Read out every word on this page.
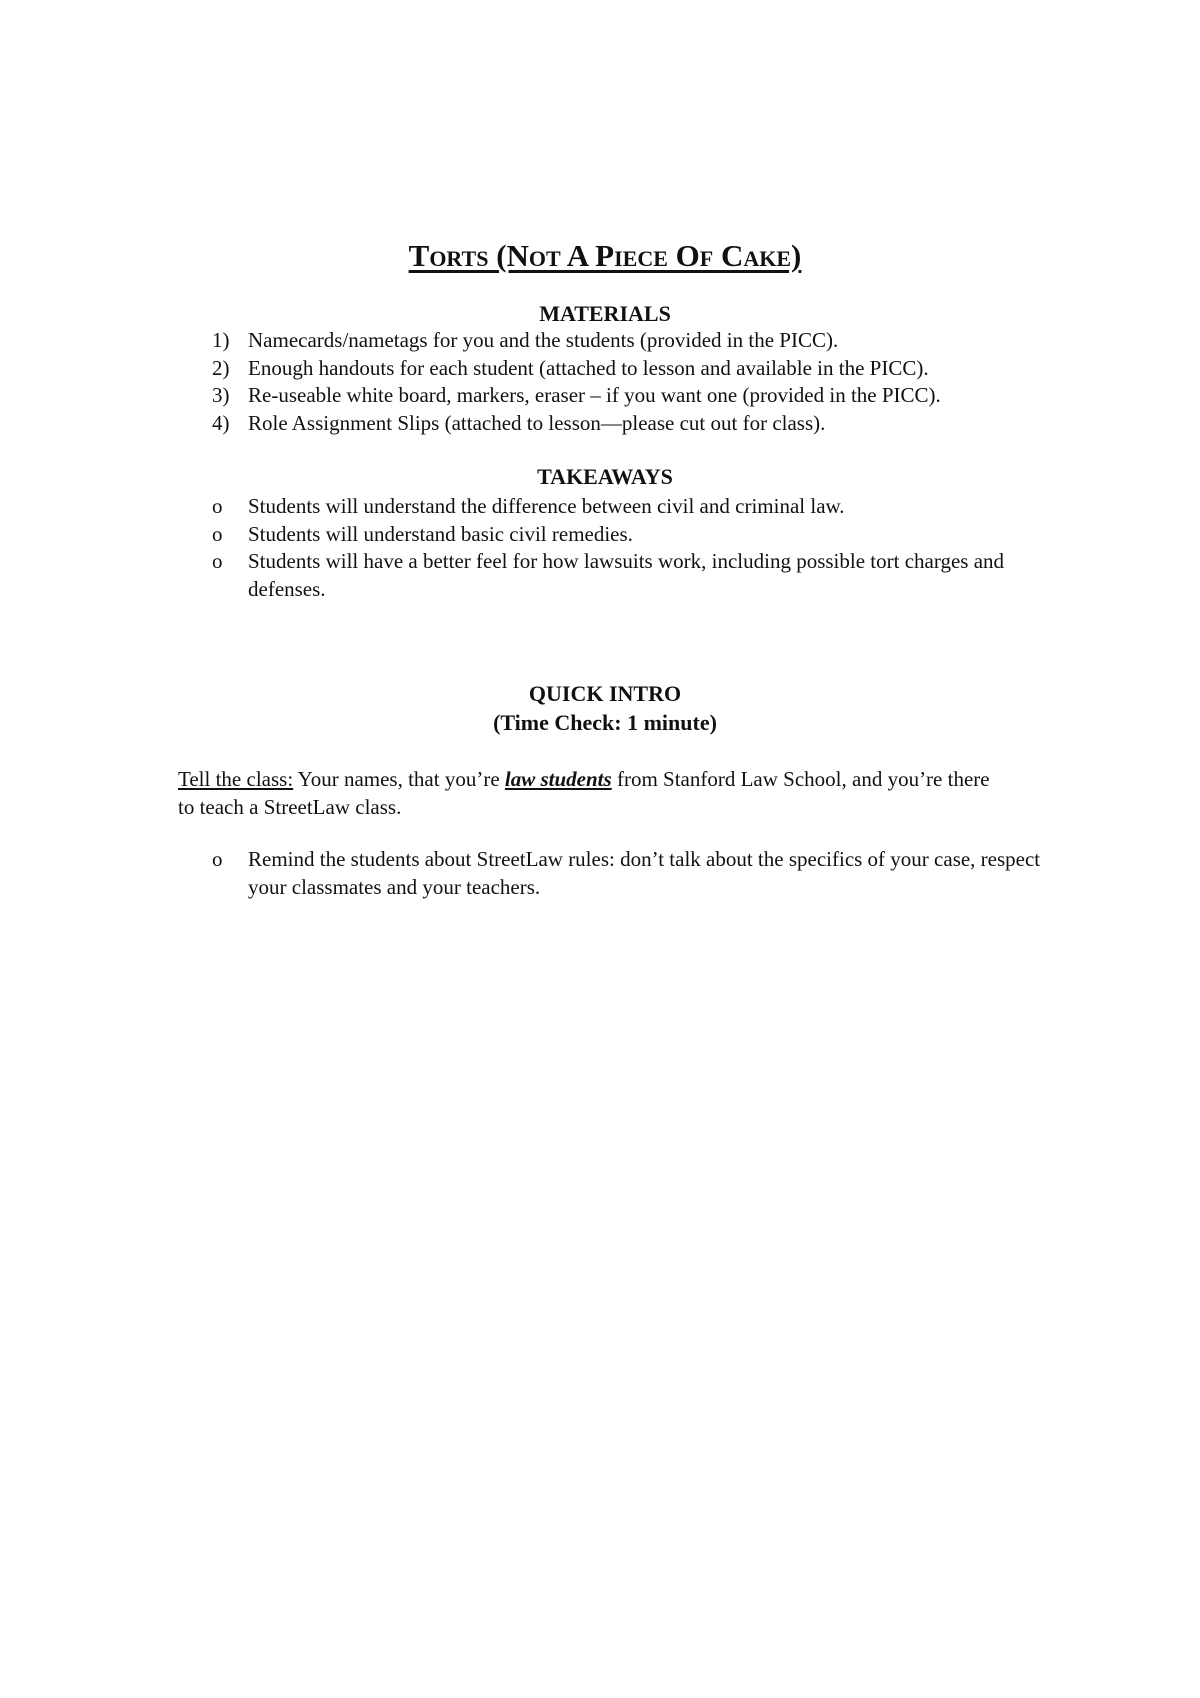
Torts (Not A Piece Of Cake)
MATERIALS
1) Namecards/nametags for you and the students (provided in the PICC).
2) Enough handouts for each student (attached to lesson and available in the PICC).
3) Re-useable white board, markers, eraser – if you want one (provided in the PICC).
4) Role Assignment Slips (attached to lesson—please cut out for class).
TAKEAWAYS
o	Students will understand the difference between civil and criminal law.
o	Students will understand basic civil remedies.
o	Students will have a better feel for how lawsuits work, including possible tort charges and defenses.
QUICK INTRO
(Time Check: 1 minute)
Tell the class: Your names, that you’re law students from Stanford Law School, and you’re there to teach a StreetLaw class.
o	Remind the students about StreetLaw rules: don’t talk about the specifics of your case, respect your classmates and your teachers.
